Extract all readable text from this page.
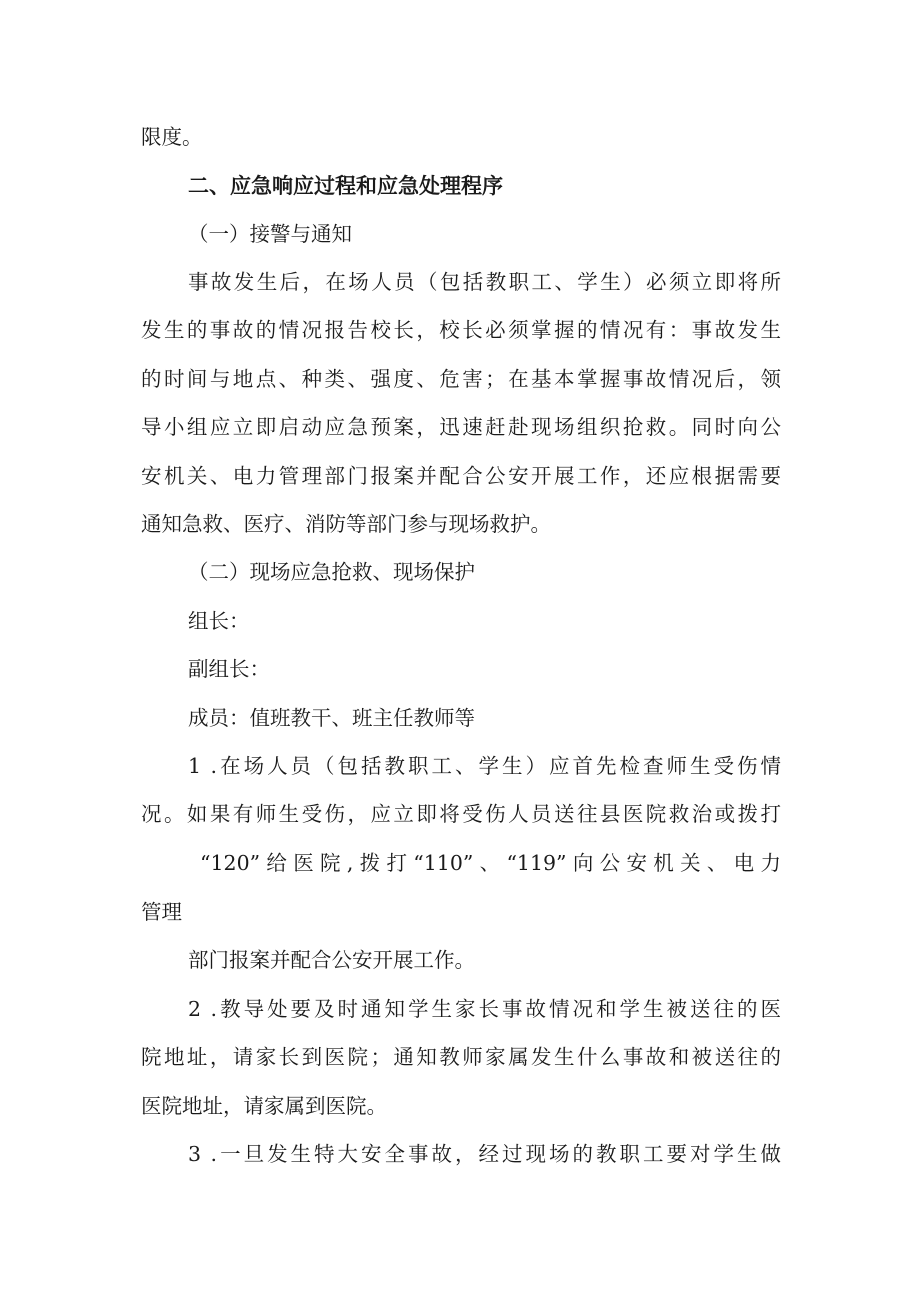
限度。
二、应急响应过程和应急处理程序
（一）接警与通知
事故发生后，在场人员（包括教职工、学生）必须立即将所
发生的事故的情况报告校长，校长必须掌握的情况有：事故发生
的时间与地点、种类、强度、危害；在基本掌握事故情况后，领
导小组应立即启动应急预案，迅速赶赴现场组织抢救。同时向公
安机关、电力管理部门报案并配合公安开展工作，还应根据需要
通知急救、医疗、消防等部门参与现场救护。
（二）现场应急抢救、现场保护
组长：
副组长：
成员：值班教干、班主任教师等
1 .在场人员（包括教职工、学生）应首先检查师生受伤情
况。如果有师生受伤，应立即将受伤人员送往县医院救治或拨打
“120”给医院,拨打“110”、“119”向公安机关、电力
管理
部门报案并配合公安开展工作。
2 .教导处要及时通知学生家长事故情况和学生被送往的医
院地址，请家长到医院；通知教师家属发生什么事故和被送往的
医院地址，请家属到医院。
3 .一旦发生特大安全事故，经过现场的教职工要对学生做
